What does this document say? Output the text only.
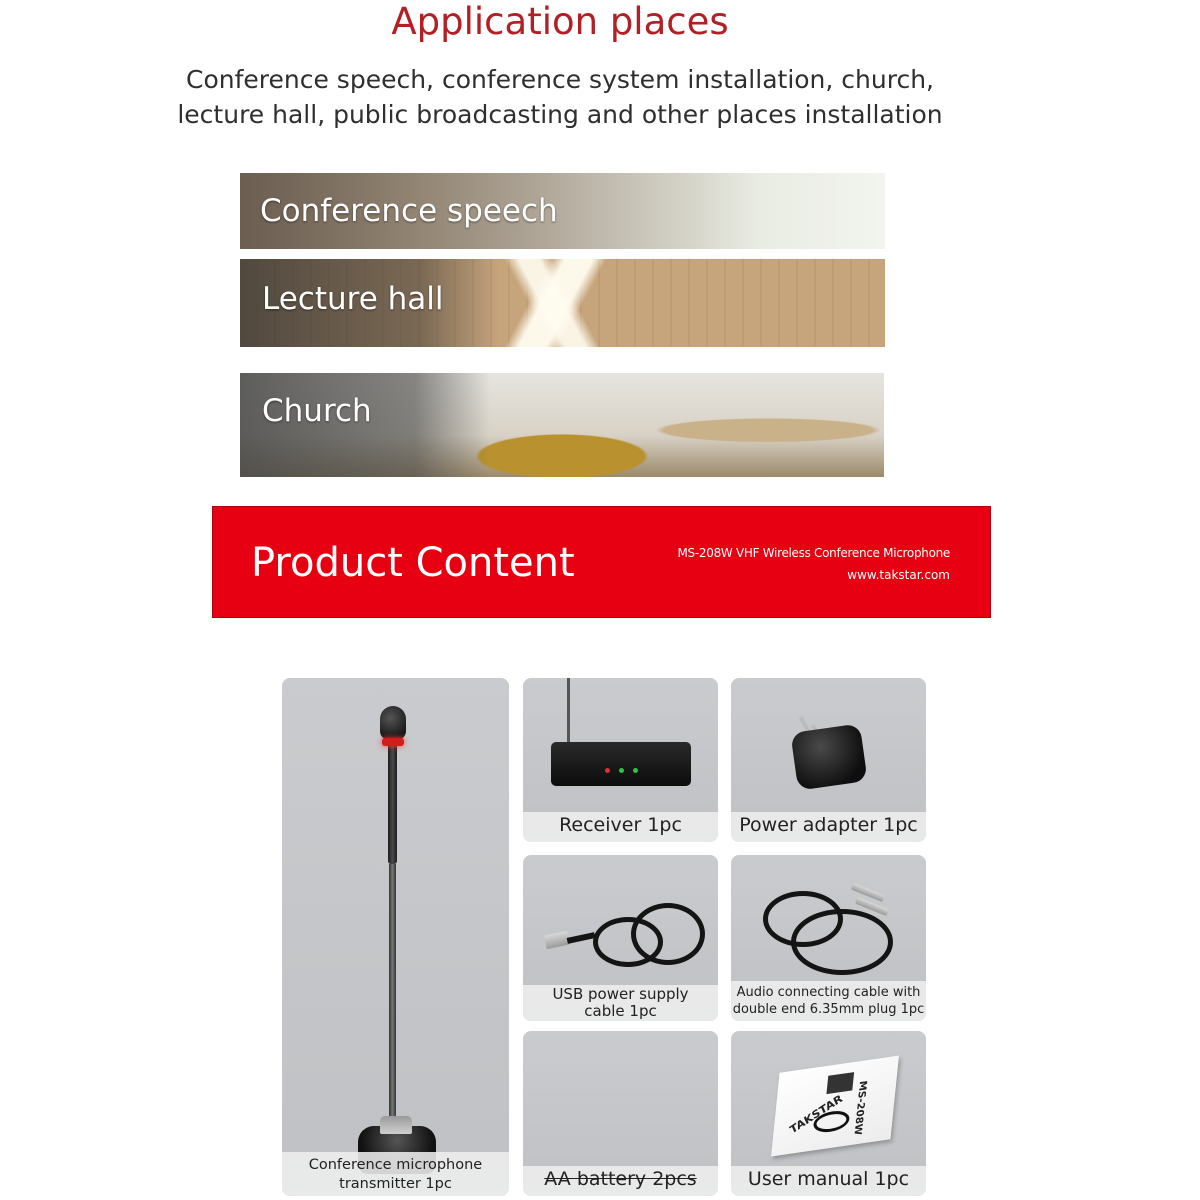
Application places
Conference speech, conference system installation, church,
lecture hall, public broadcasting and other places installation
Conference speech
Lecture hall
Church
Product Content	MS-208W VHF Wireless Conference Microphone
www.takstar.com
Conference microphone
transmitter 1pc
Receiver 1pc	Power adapter 1pc
USB power supply
cable 1pc
Audio connecting cable with
double end 6.35mm plug 1pc
AA battery 2pcs
TAKSTAR MS-208W
User manual 1pc
